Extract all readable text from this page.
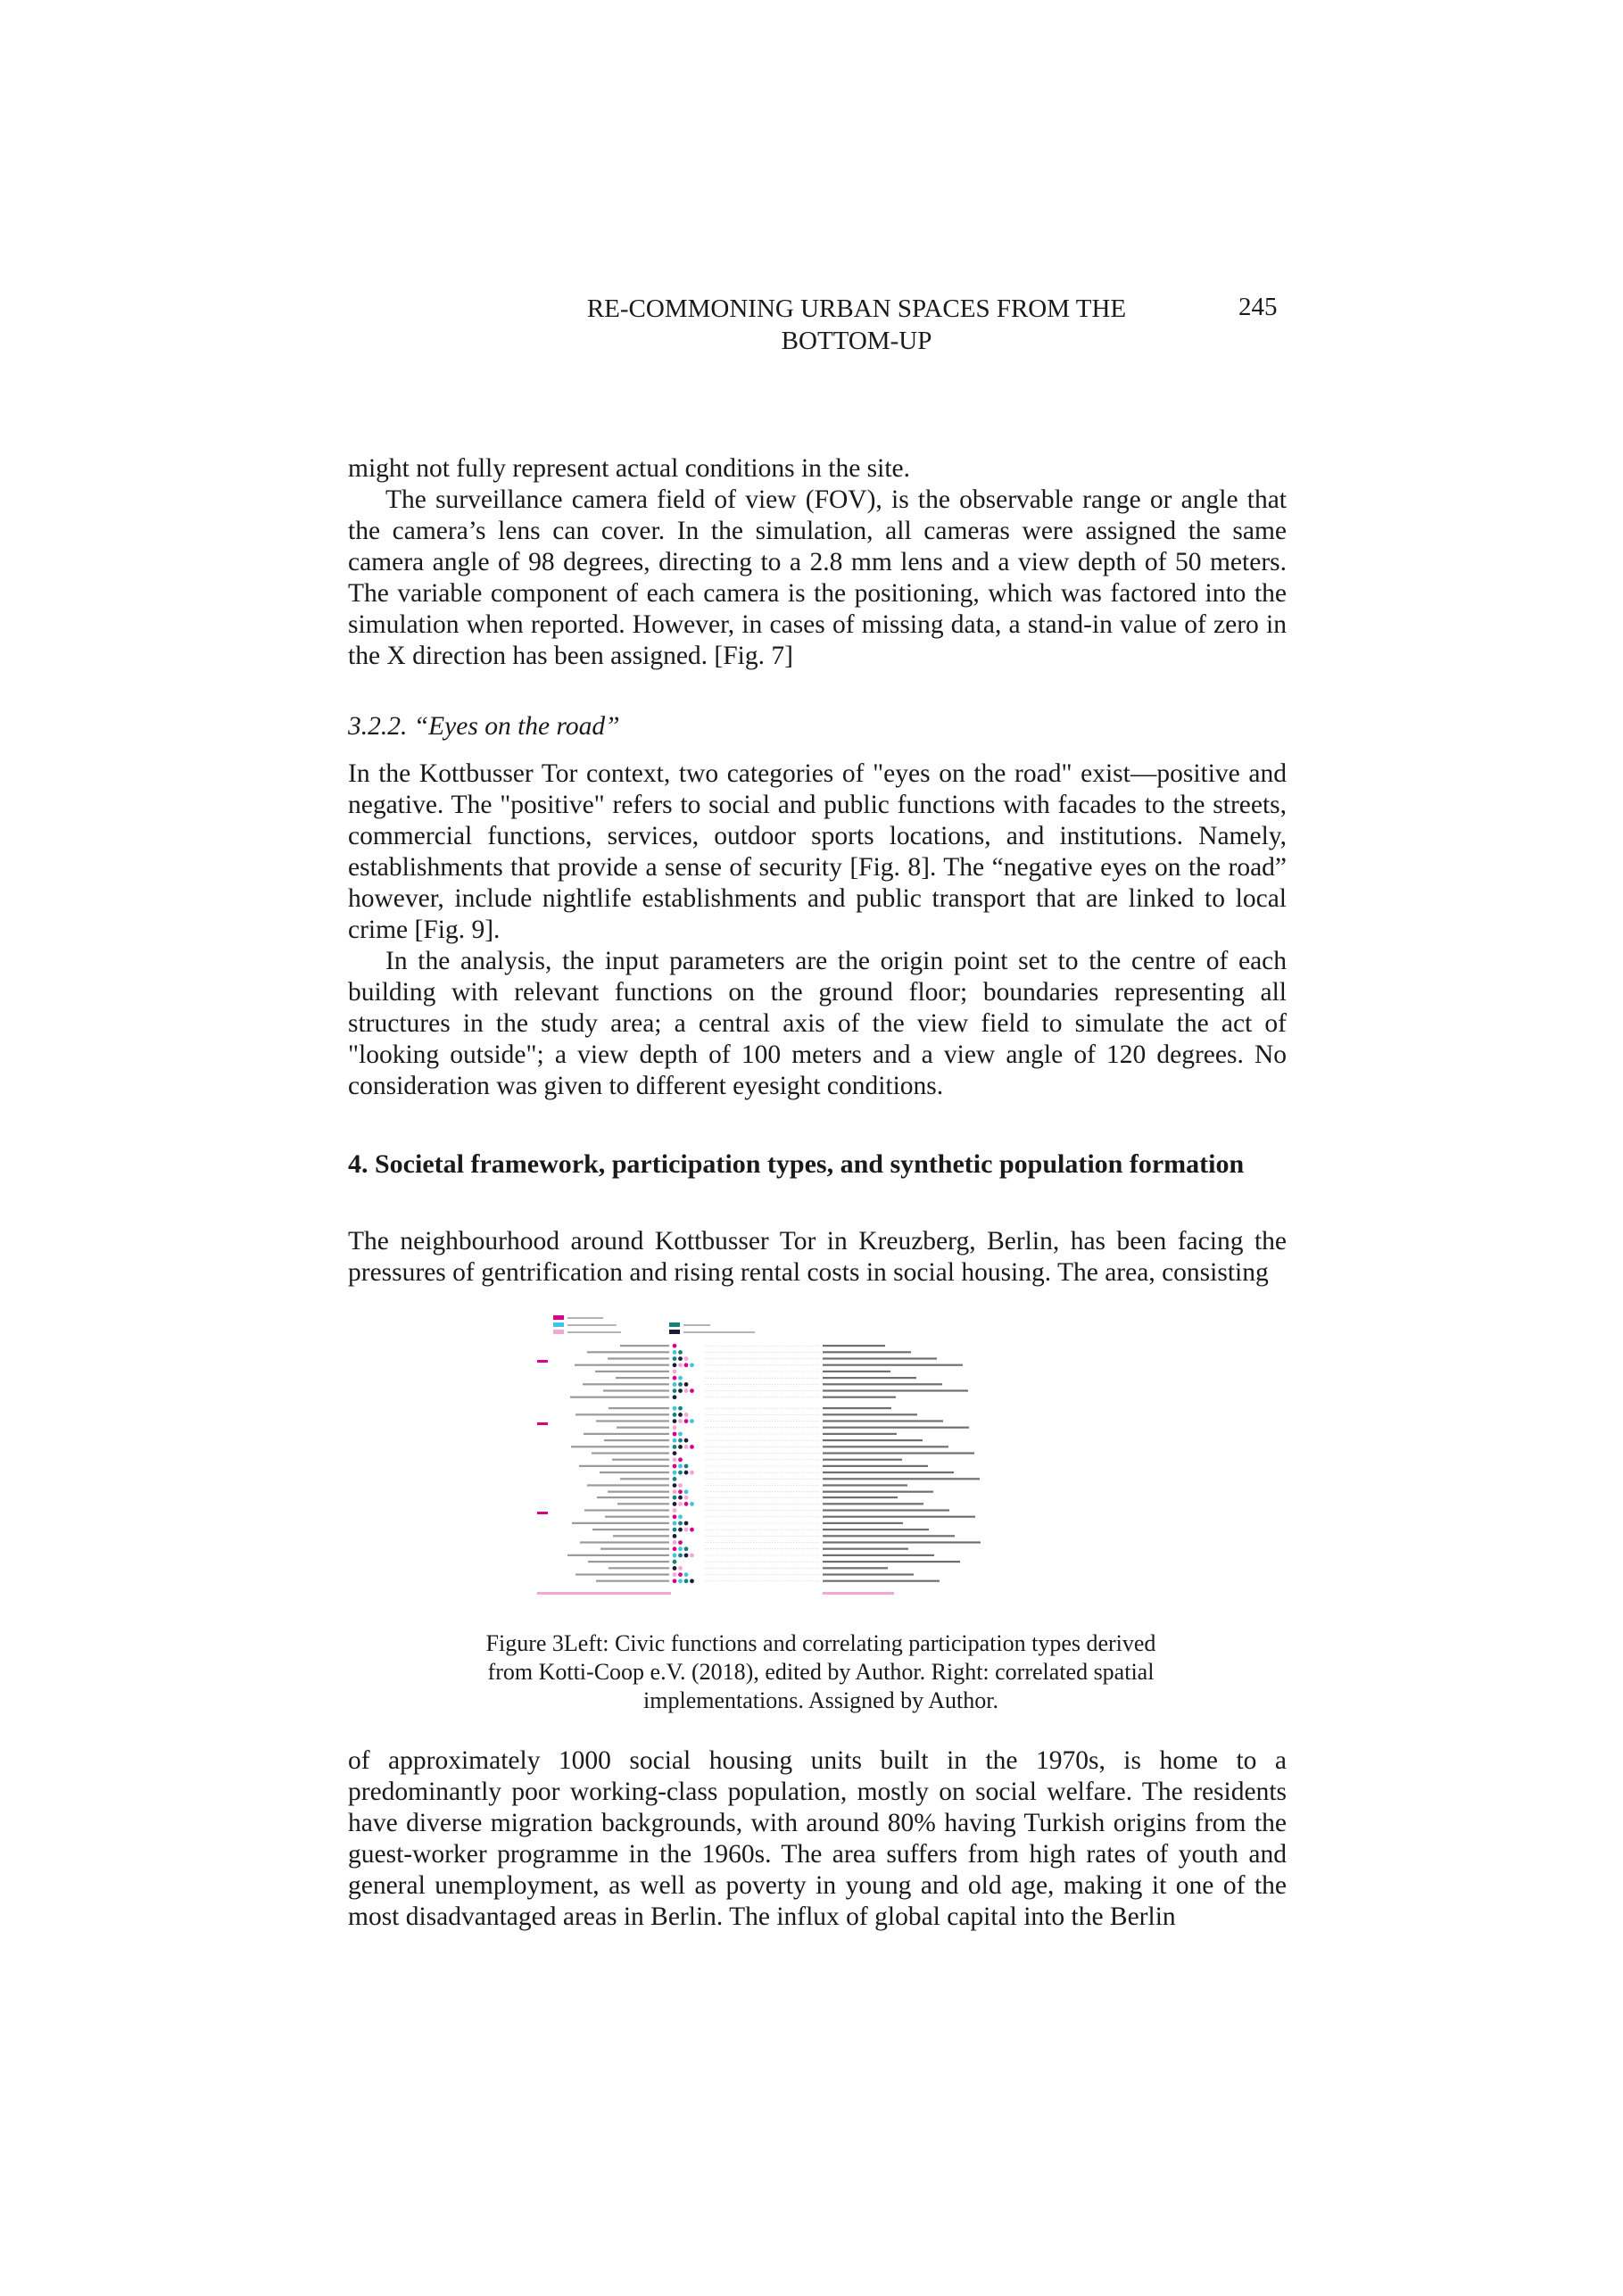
RE-COMMONING URBAN SPACES FROM THE
BOTTOM-UP
245

might not fully represent actual conditions in the site.

The surveillance camera field of view (FOV), is the observable range or angle that the camera’s lens can cover. In the simulation, all cameras were assigned the same camera angle of 98 degrees, directing to a 2.8 mm lens and a view depth of 50 meters. The variable component of each camera is the positioning, which was factored into the simulation when reported. However, in cases of missing data, a stand-in value of zero in the X direction has been assigned. [Fig. 7]

3.2.2. “Eyes on the road”

In the Kottbusser Tor context, two categories of "eyes on the road" exist—positive and negative. The "positive" refers to social and public functions with facades to the streets, commercial functions, services, outdoor sports locations, and institutions. Namely, establishments that provide a sense of security [Fig. 8]. The “negative eyes on the road” however, include nightlife establishments and public transport that are linked to local crime [Fig. 9].

In the analysis, the input parameters are the origin point set to the centre of each building with relevant functions on the ground floor; boundaries representing all structures in the study area; a central axis of the view field to simulate the act of "looking outside"; a view depth of 100 meters and a view angle of 120 degrees. No consideration was given to different eyesight conditions.

4. Societal framework, participation types, and synthetic population formation

The neighbourhood around Kottbusser Tor in Kreuzberg, Berlin, has been facing the pressures of gentrification and rising rental costs in social housing. The area, consisting

Figure 3Left: Civic functions and correlating participation types derived from Kotti-Coop e.V. (2018), edited by Author. Right: correlated spatial implementations. Assigned by Author.

of approximately 1000 social housing units built in the 1970s, is home to a predominantly poor working-class population, mostly on social welfare. The residents have diverse migration backgrounds, with around 80% having Turkish origins from the guest-worker programme in the 1960s. The area suffers from high rates of youth and general unemployment, as well as poverty in young and old age, making it one of the most disadvantaged areas in Berlin. The influx of global capital into the Berlin
